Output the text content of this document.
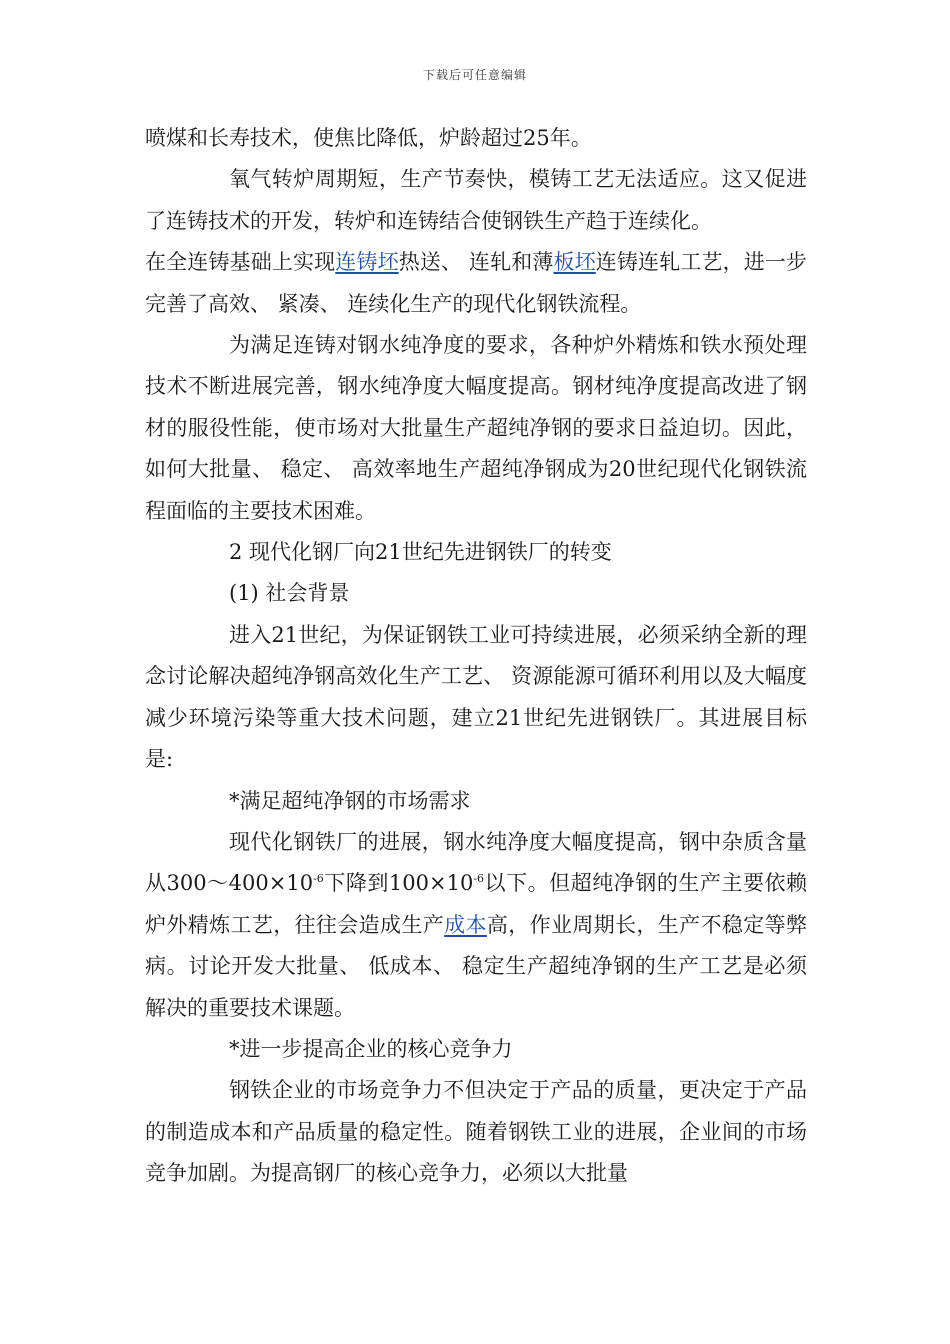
下载后可任意编辑

喷煤和长寿技术，使焦比降低，炉龄超过25年。

氧气转炉周期短，生产节奏快，模铸工艺无法适应。这又促进了连铸技术的开发，转炉和连铸结合使钢铁生产趋于连续化。

在全连铸基础上实现连铸坯热送、 连轧和薄板坯连铸连轧工艺，进一步完善了高效、 紧凑、 连续化生产的现代化钢铁流程。

为满足连铸对钢水纯净度的要求，各种炉外精炼和铁水预处理技术不断进展完善，钢水纯净度大幅度提高。钢材纯净度提高改进了钢材的服役性能，使市场对大批量生产超纯净钢的要求日益迫切。因此，如何大批量、 稳定、 高效率地生产超纯净钢成为20世纪现代化钢铁流程面临的主要技术困难。

2 现代化钢厂向21世纪先进钢铁厂的转变

(1) 社会背景

进入21世纪，为保证钢铁工业可持续进展，必须采纳全新的理念讨论解决超纯净钢高效化生产工艺、 资源能源可循环利用以及大幅度减少环境污染等重大技术问题，建立21世纪先进钢铁厂。其进展目标是:

*满足超纯净钢的市场需求

现代化钢铁厂的进展，钢水纯净度大幅度提高，钢中杂质含量从$300\sim 400\times 10^{-6}$下降到$100\times 10^{-6}$以下。但超纯净钢的生产主要依赖炉外精炼工艺，往往会造成生产成本高，作业周期长，生产不稳定等弊病。讨论开发大批量、 低成本、 稳定生产超纯净钢的生产工艺是必须解决的重要技术课题。

*进一步提高企业的核心竞争力

钢铁企业的市场竞争力不但决定于产品的质量，更决定于产品的制造成本和产品质量的稳定性。随着钢铁工业的进展，企业间的市场竞争加剧。为提高钢厂的核心竞争力，必须以大批量
